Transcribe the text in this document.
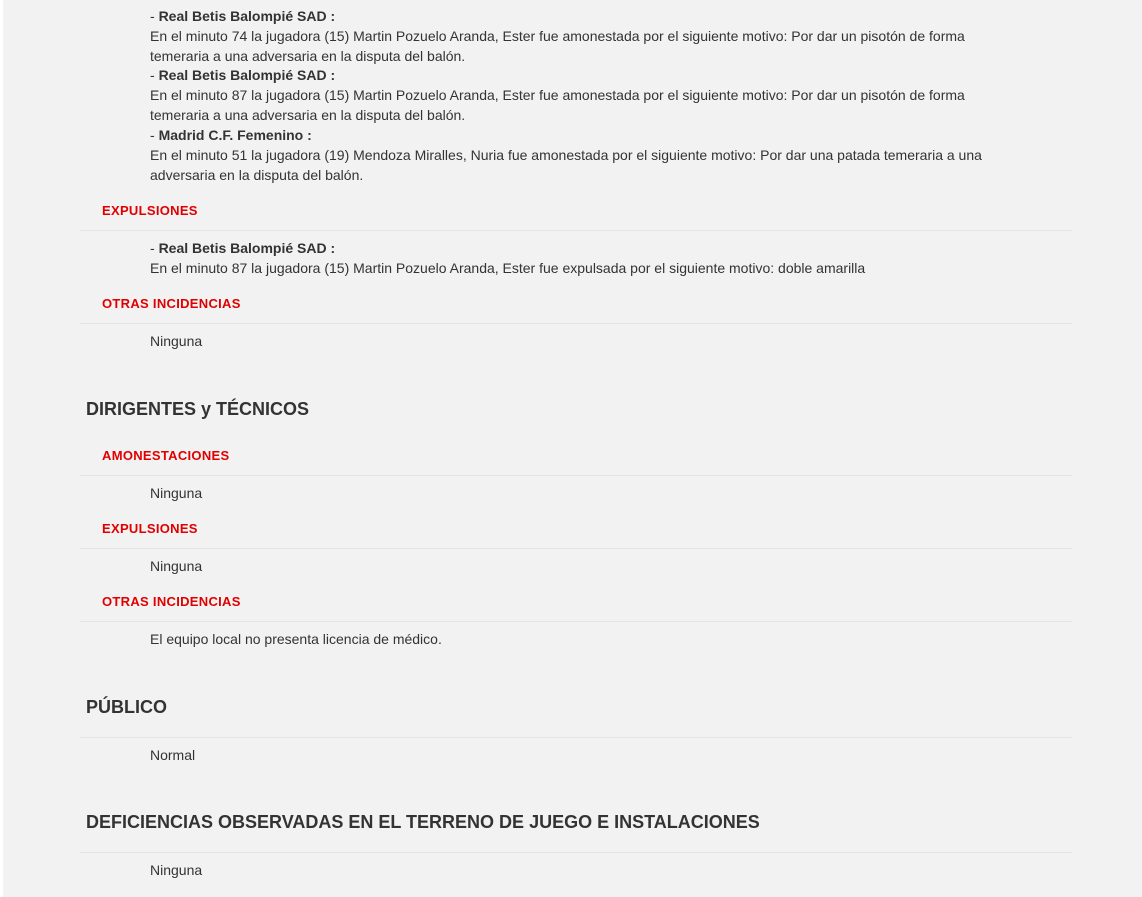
- Real Betis Balompié SAD :
En el minuto 74 la jugadora (15) Martin Pozuelo Aranda, Ester fue amonestada por el siguiente motivo: Por dar un pisotón de forma
temeraria a una adversaria en la disputa del balón.
- Real Betis Balompié SAD :
En el minuto 87 la jugadora (15) Martin Pozuelo Aranda, Ester fue amonestada por el siguiente motivo: Por dar un pisotón de forma
temeraria a una adversaria en la disputa del balón.
- Madrid C.F. Femenino :
En el minuto 51 la jugadora (19) Mendoza Miralles, Nuria fue amonestada por el siguiente motivo: Por dar una patada temeraria a una
adversaria en la disputa del balón.
EXPULSIONES
- Real Betis Balompié SAD :
En el minuto 87 la jugadora (15) Martin Pozuelo Aranda, Ester fue expulsada por el siguiente motivo: doble amarilla
OTRAS INCIDENCIAS
Ninguna
DIRIGENTES y TÉCNICOS
AMONESTACIONES
Ninguna
EXPULSIONES
Ninguna
OTRAS INCIDENCIAS
El equipo local no presenta licencia de médico.
PÚBLICO
Normal
DEFICIENCIAS OBSERVADAS EN EL TERRENO DE JUEGO E INSTALACIONES
Ninguna
